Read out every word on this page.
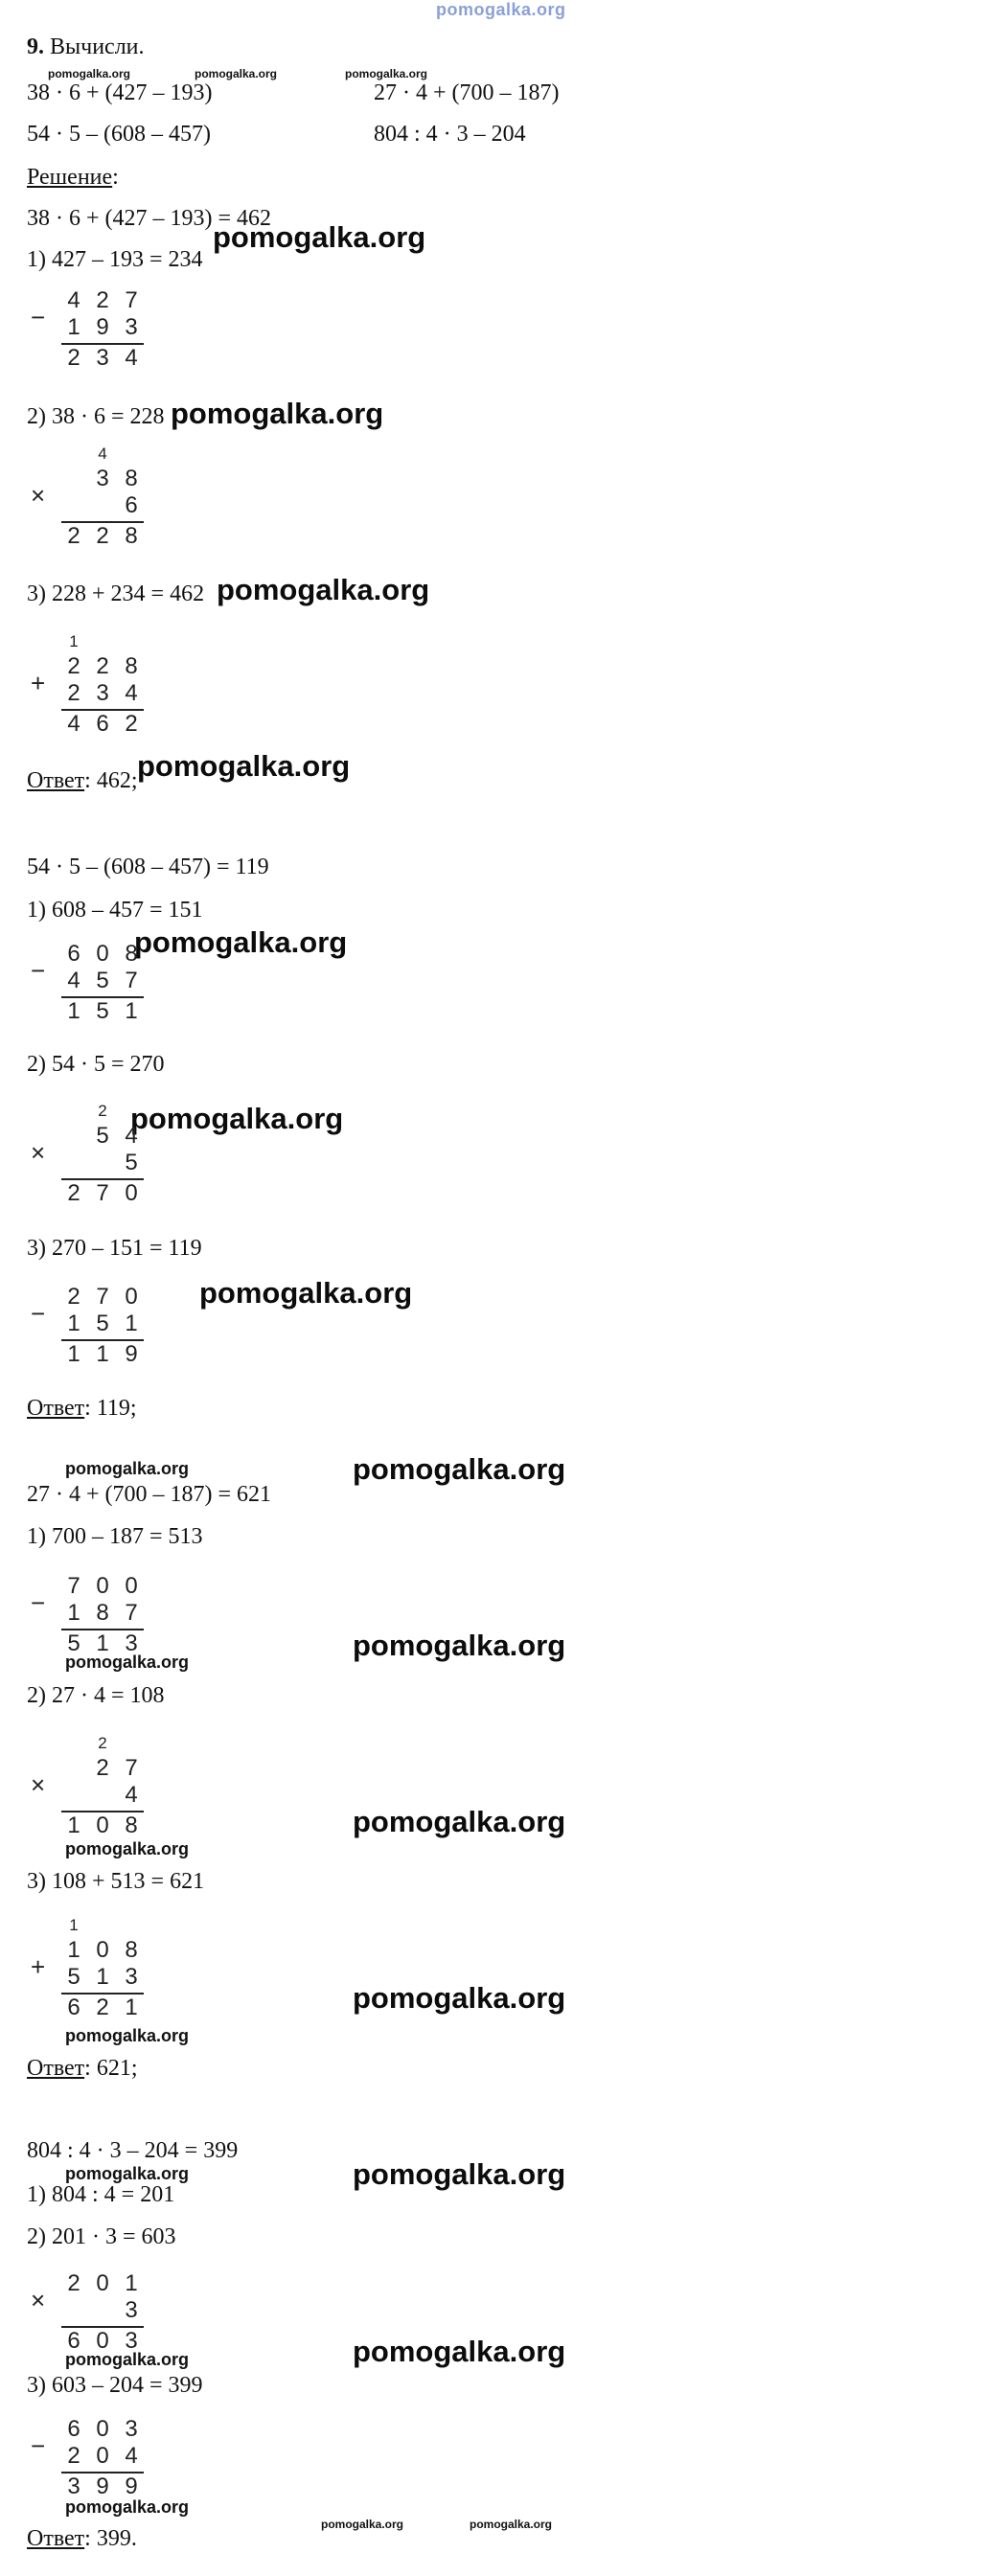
pomogalka.org
9. Вычисли.
pomogalka.org	pomogalka.org	pomogalka.org
38 · 6 + (427 – 193)	27 · 4 + (700 – 187)
54 · 5 – (608 – 457)	804 : 4 · 3 – 204
Решение:
38 · 6 + (427 – 193) = 462
1) 427 – 193 = 234
pomogalka.org
4 2 7
− 1 9 3
2 3 4
2) 38 · 6 = 228 pomogalka.org
4
3 8
×	6
2 2 8
3) 228 + 234 = 462 pomogalka.org
1
2 2 8
+ 2 3 4
4 6 2
Ответ: 462; pomogalka.org
54 · 5 – (608 – 457) = 119
1) 608 – 457 = 151
pomogalka.org
6 0 8
− 4 5 7
1 5 1
2) 54 · 5 = 270
pomogalka.org
2
5 4
×	5
2 7 0
3) 270 – 151 = 119
pomogalka.org
2 7 0
− 1 5 1
1 1 9
Ответ: 119;
pomogalka.org	pomogalka.org
27 · 4 + (700 – 187) = 621
1) 700 – 187 = 513
7 0 0
− 1 8 7
5 1 3
pomogalka.org	pomogalka.org
2) 27 · 4 = 108
2
2 7
×	4
1 0 8
pomogalka.org
pomogalka.org
3) 108 + 513 = 621
1
1 0 8
+ 5 1 3
6 2 1
pomogalka.org
pomogalka.org
Ответ: 621;
804 : 4 · 3 – 204 = 399
pomogalka.org	pomogalka.org
1) 804 : 4 = 201
2) 201 · 3 = 603
2 0 1
×	3
6 0 3
pomogalka.org	pomogalka.org
3) 603 – 204 = 399
6 0 3
− 2 0 4
3 9 9
pomogalka.org
pomogalka.org	pomogalka.org
Ответ: 399.
